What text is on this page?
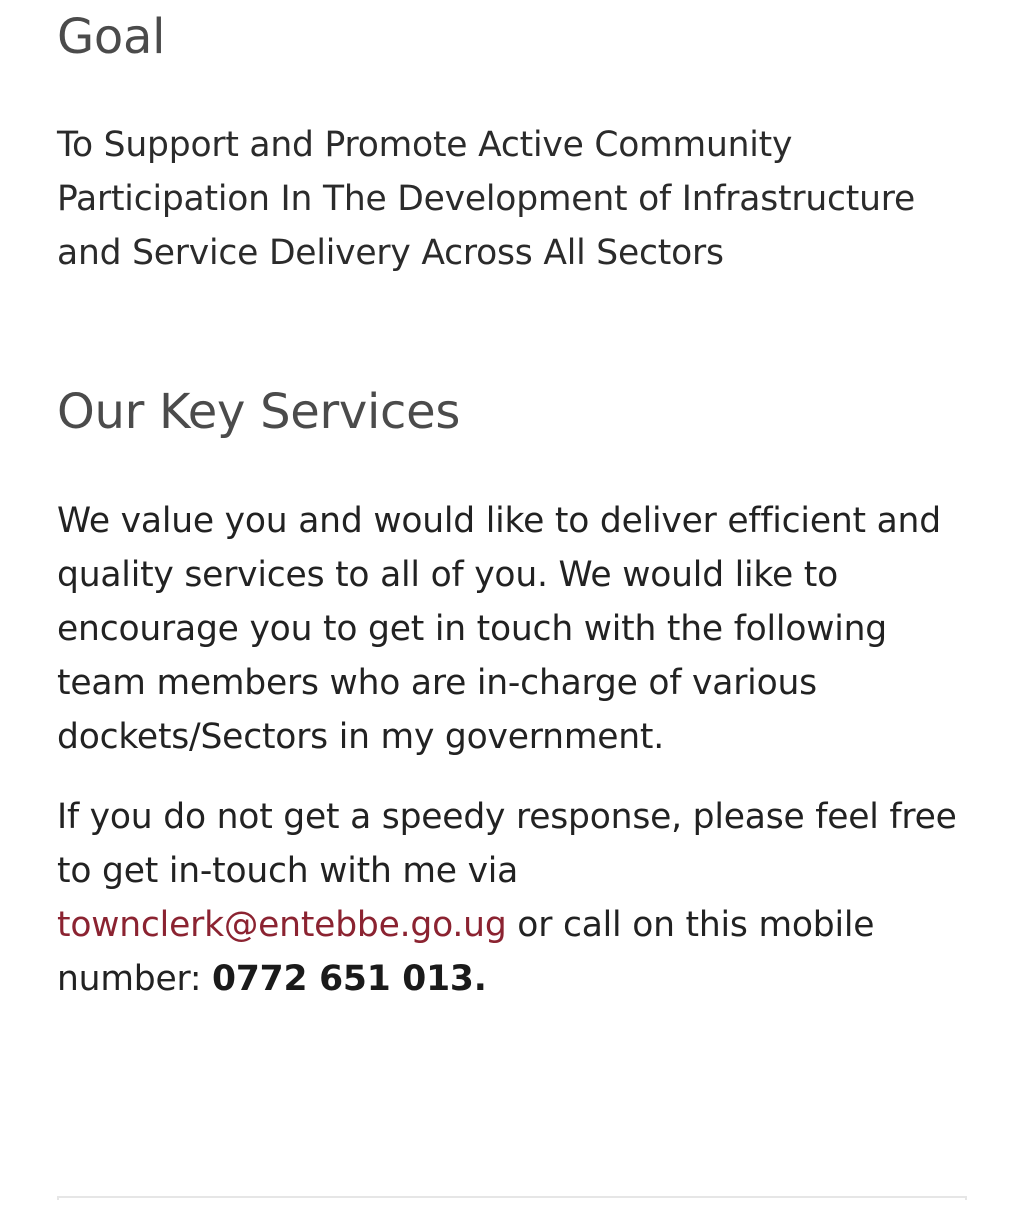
Goal

To Support and Promote Active Community Participation In The Development of Infrastructure and Service Delivery Across All Sectors

Our Key Services

We value you and would like to deliver efficient and quality services to all of you. We would like to encourage you to get in touch with the following team members who are in-charge of various dockets/Sectors in my government.

If you do not get a speedy response, please feel free to get in-touch with me via townclerk@entebbe.go.ug or call on this mobile number: 0772 651 013.
